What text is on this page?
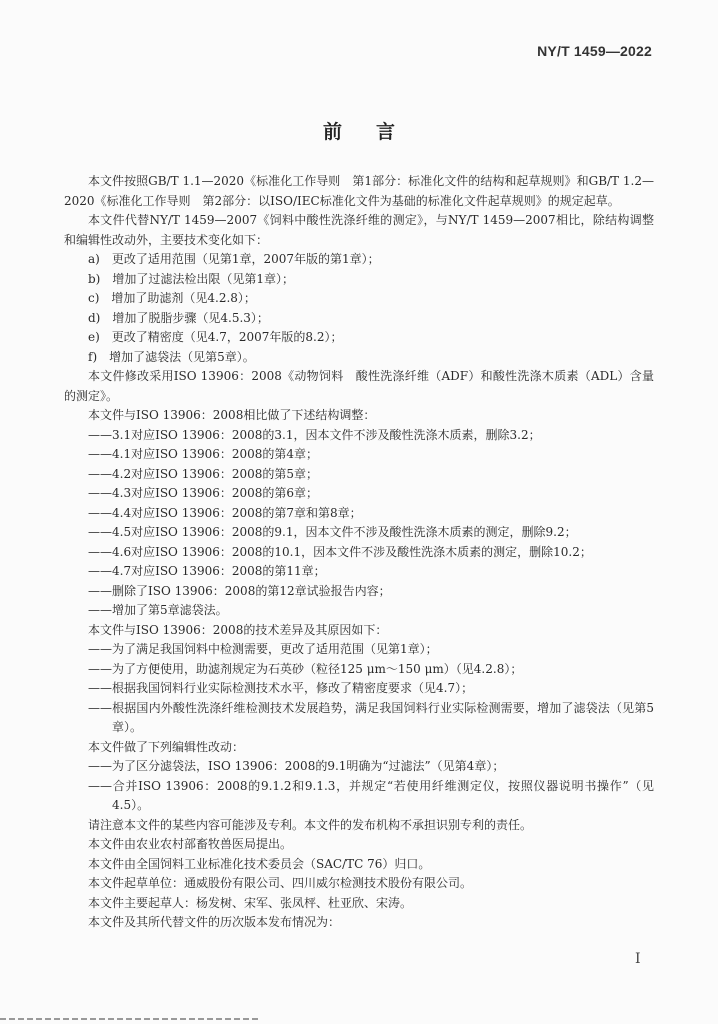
NY/T 1459—2022
前言
本文件按照GB/T 1.1—2020《标准化工作导则　第1部分：标准化文件的结构和起草规则》和GB/T 1.2—2020《标准化工作导则　第2部分：以ISO/IEC标准化文件为基础的标准化文件起草规则》的规定起草。
本文件代替NY/T 1459—2007《饲料中酸性洗涤纤维的测定》，与NY/T 1459—2007相比，除结构调整和编辑性改动外，主要技术变化如下：
a)　更改了适用范围（见第1章，2007年版的第1章）；
b)　增加了过滤法检出限（见第1章）；
c)　增加了助滤剂（见4.2.8）；
d)　增加了脱脂步骤（见4.5.3）；
e)　更改了精密度（见4.7，2007年版的8.2）；
f)　增加了滤袋法（见第5章）。
本文件修改采用ISO 13906：2008《动物饲料　酸性洗涤纤维（ADF）和酸性洗涤木质素（ADL）含量的测定》。
本文件与ISO 13906：2008相比做了下述结构调整：
——3.1对应ISO 13906：2008的3.1，因本文件不涉及酸性洗涤木质素，删除3.2；
——4.1对应ISO 13906：2008的第4章；
——4.2对应ISO 13906：2008的第5章；
——4.3对应ISO 13906：2008的第6章；
——4.4对应ISO 13906：2008的第7章和第8章；
——4.5对应ISO 13906：2008的9.1，因本文件不涉及酸性洗涤木质素的测定，删除9.2；
——4.6对应ISO 13906：2008的10.1，因本文件不涉及酸性洗涤木质素的测定，删除10.2；
——4.7对应ISO 13906：2008的第11章；
——删除了ISO 13906：2008的第12章试验报告内容；
——增加了第5章滤袋法。
本文件与ISO 13906：2008的技术差异及其原因如下：
——为了满足我国饲料中检测需要，更改了适用范围（见第1章）；
——为了方便使用，助滤剂规定为石英砂（粒径125 μm～150 μm）（见4.2.8）；
——根据我国饲料行业实际检测技术水平，修改了精密度要求（见4.7）；
——根据国内外酸性洗涤纤维检测技术发展趋势，满足我国饲料行业实际检测需要，增加了滤袋法（见第5章）。
本文件做了下列编辑性改动：
——为了区分滤袋法，ISO 13906：2008的9.1明确为“过滤法”（见第4章）；
——合并ISO 13906：2008的9.1.2和9.1.3，并规定“若使用纤维测定仪，按照仪器说明书操作”（见4.5）。
请注意本文件的某些内容可能涉及专利。本文件的发布机构不承担识别专利的责任。
本文件由农业农村部畜牧兽医局提出。
本文件由全国饲料工业标准化技术委员会（SAC/TC 76）归口。
本文件起草单位：通威股份有限公司、四川威尔检测技术股份有限公司。
本文件主要起草人：杨发树、宋军、张凤枰、杜亚欣、宋涛。
本文件及其所代替文件的历次版本发布情况为：
I
